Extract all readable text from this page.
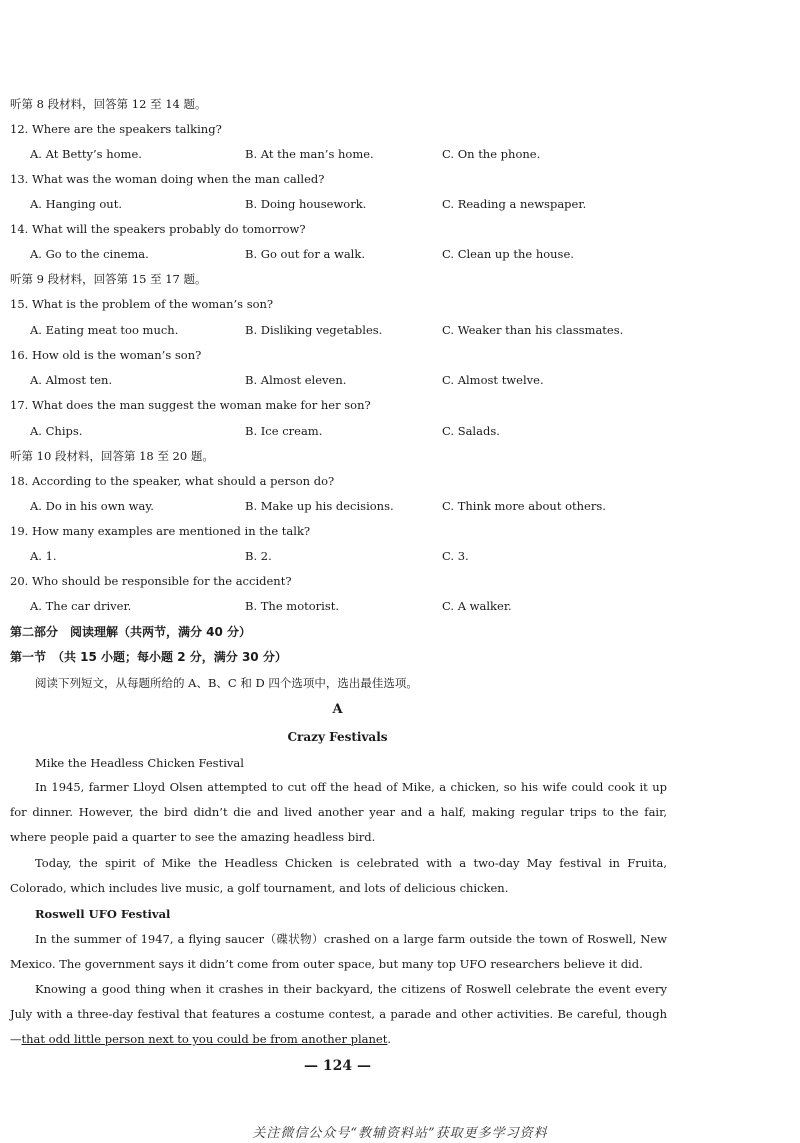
听第 8 段材料，回答第 12 至 14 题。
12. Where are the speakers talking?
A. At Betty’s home.	B. At the man’s home.	C. On the phone.
13. What was the woman doing when the man called?
A. Hanging out.	B. Doing housework.	C. Reading a newspaper.
14. What will the speakers probably do tomorrow?
A. Go to the cinema.	B. Go out for a walk.	C. Clean up the house.
听第 9 段材料，回答第 15 至 17 题。
15. What is the problem of the woman’s son?
A. Eating meat too much.	B. Disliking vegetables.	C. Weaker than his classmates.
16. How old is the woman’s son?
A. Almost ten.	B. Almost eleven.	C. Almost twelve.
17. What does the man suggest the woman make for her son?
A. Chips.	B. Ice cream.	C. Salads.
听第 10 段材料，回答第 18 至 20 题。
18. According to the speaker, what should a person do?
A. Do in his own way.	B. Make up his decisions.	C. Think more about others.
19. How many examples are mentioned in the talk?
A. 1.	B. 2.	C. 3.
20. Who should be responsible for the accident?
A. The car driver.	B. The motorist.	C. A walker.
第二部分　阅读理解（共两节，满分 40 分）
第一节　（共 15 小题；每小题 2 分，满分 30 分）
阅读下列短文，从每题所给的 A、B、C 和 D 四个选项中，选出最佳选项。
A
Crazy Festivals
Mike the Headless Chicken Festival
In 1945, farmer Lloyd Olsen attempted to cut off the head of Mike, a chicken, so his wife could cook it up for dinner. However, the bird didn’t die and lived another year and a half, making regular trips to the fair, where people paid a quarter to see the amazing headless bird.
Today, the spirit of Mike the Headless Chicken is celebrated with a two-day May festival in Fruita, Colorado, which includes live music, a golf tournament, and lots of delicious chicken.
Roswell UFO Festival
In the summer of 1947, a flying saucer（碟状物）crashed on a large farm outside the town of Roswell, New Mexico. The government says it didn’t come from outer space, but many top UFO researchers believe it did.
Knowing a good thing when it crashes in their backyard, the citizens of Roswell celebrate the event every July with a three-day festival that features a costume contest, a parade and other activities. Be careful, though—that odd little person next to you could be from another planet.
— 124 —
关注微信公众号“教辅资料站”获取更多学习资料
